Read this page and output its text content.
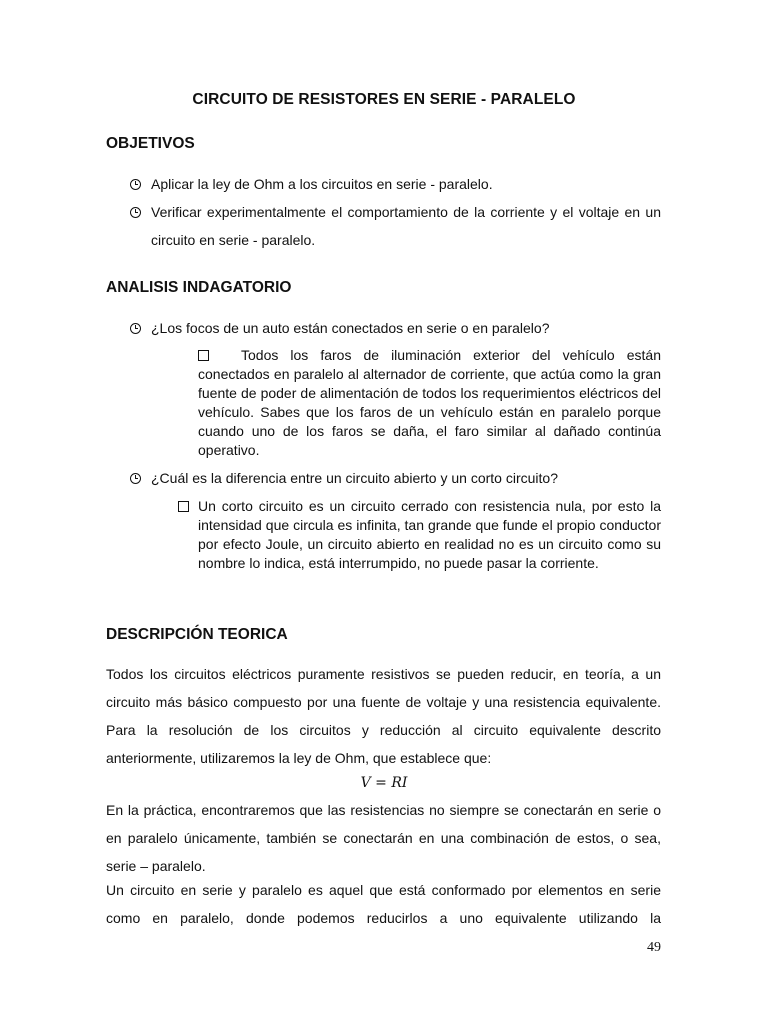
CIRCUITO DE RESISTORES EN SERIE - PARALELO
OBJETIVOS
Aplicar la ley de Ohm a los circuitos en serie - paralelo.
Verificar experimentalmente el comportamiento de la corriente y el voltaje en un circuito en serie - paralelo.
ANALISIS INDAGATORIO
¿Los focos de un auto están conectados en serie o en paralelo?
Todos los faros de iluminación exterior del vehículo están conectados en paralelo al alternador de corriente, que actúa como la gran fuente de poder de alimentación de todos los requerimientos eléctricos del vehículo. Sabes que los faros de un vehículo están en paralelo porque cuando uno de los faros se daña, el faro similar al dañado continúa operativo.
¿Cuál es la diferencia entre un circuito abierto y un corto circuito?
Un corto circuito es un circuito cerrado con resistencia nula, por esto la intensidad que circula es infinita, tan grande que funde el propio conductor por efecto Joule, un circuito abierto en realidad no es un circuito como su nombre lo indica, está interrumpido, no puede pasar la corriente.
DESCRIPCIÓN TEORICA
Todos los circuitos eléctricos puramente resistivos se pueden reducir, en teoría, a un circuito más básico compuesto por una fuente de voltaje y una resistencia equivalente. Para la resolución de los circuitos y reducción al circuito equivalente descrito anteriormente, utilizaremos la ley de Ohm, que establece que:
V = RI
En la práctica, encontraremos que las resistencias no siempre se conectarán en serie o en paralelo únicamente, también se conectarán en una combinación de estos, o sea, serie – paralelo.
Un circuito en serie y paralelo es aquel que está conformado por elementos en serie como en paralelo, donde podemos reducirlos a uno equivalente utilizando la
49
